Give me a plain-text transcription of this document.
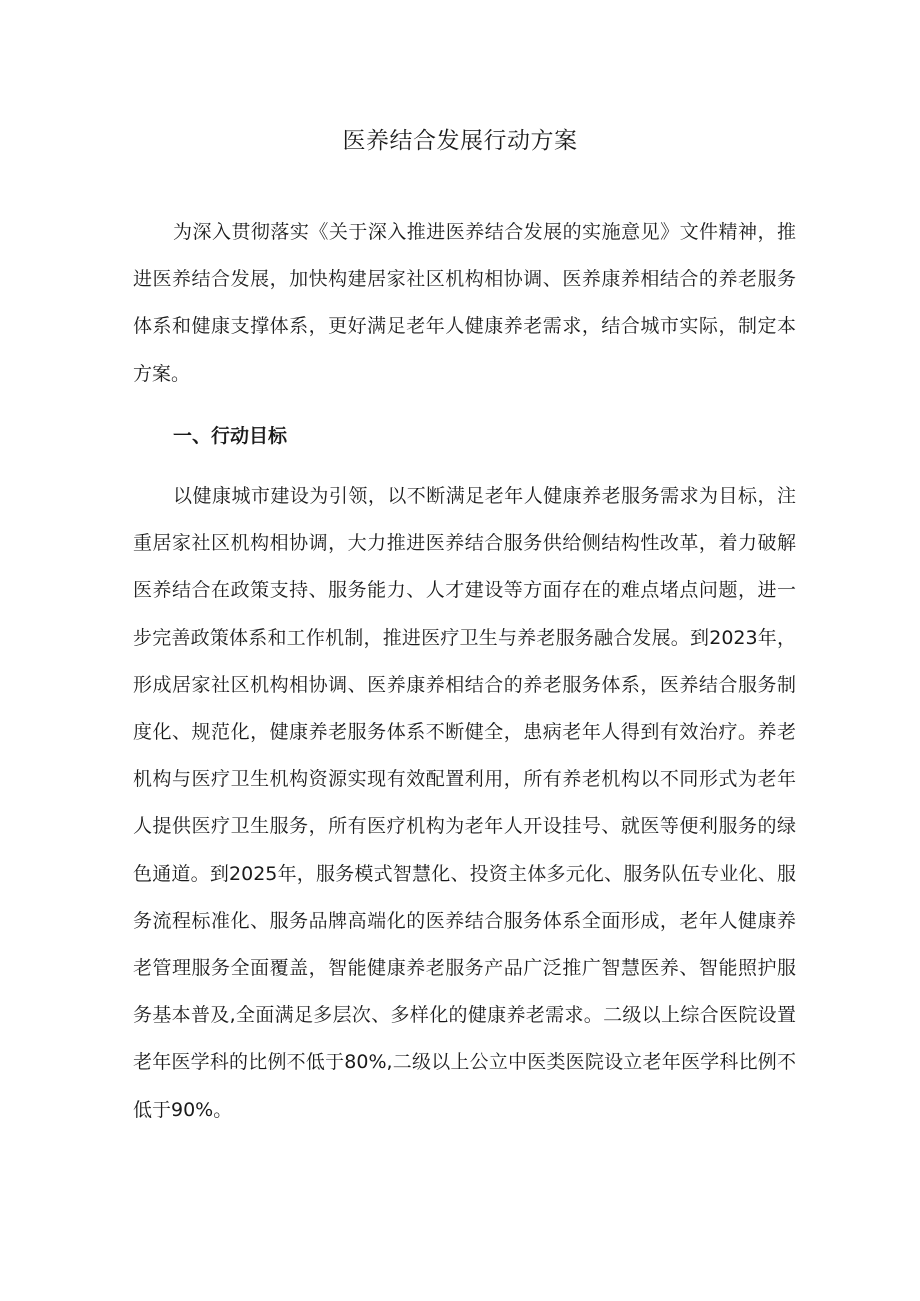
医养结合发展行动方案

为深入贯彻落实《关于深入推进医养结合发展的实施意见》文件精神，推进医养结合发展，加快构建居家社区机构相协调、医养康养相结合的养老服务体系和健康支撑体系，更好满足老年人健康养老需求，结合城市实际，制定本方案。

一、行动目标

以健康城市建设为引领，以不断满足老年人健康养老服务需求为目标，注重居家社区机构相协调，大力推进医养结合服务供给侧结构性改革，着力破解医养结合在政策支持、服务能力、人才建设等方面存在的难点堵点问题，进一步完善政策体系和工作机制，推进医疗卫生与养老服务融合发展。到2023年，形成居家社区机构相协调、医养康养相结合的养老服务体系，医养结合服务制度化、规范化，健康养老服务体系不断健全，患病老年人得到有效治疗。养老机构与医疗卫生机构资源实现有效配置利用，所有养老机构以不同形式为老年人提供医疗卫生服务，所有医疗机构为老年人开设挂号、就医等便利服务的绿色通道。到2025年，服务模式智慧化、投资主体多元化、服务队伍专业化、服务流程标准化、服务品牌高端化的医养结合服务体系全面形成，老年人健康养老管理服务全面覆盖，智能健康养老服务产品广泛推广智慧医养、智能照护服务基本普及,全面满足多层次、多样化的健康养老需求。二级以上综合医院设置老年医学科的比例不低于80%,二级以上公立中医类医院设立老年医学科比例不低于90%。
